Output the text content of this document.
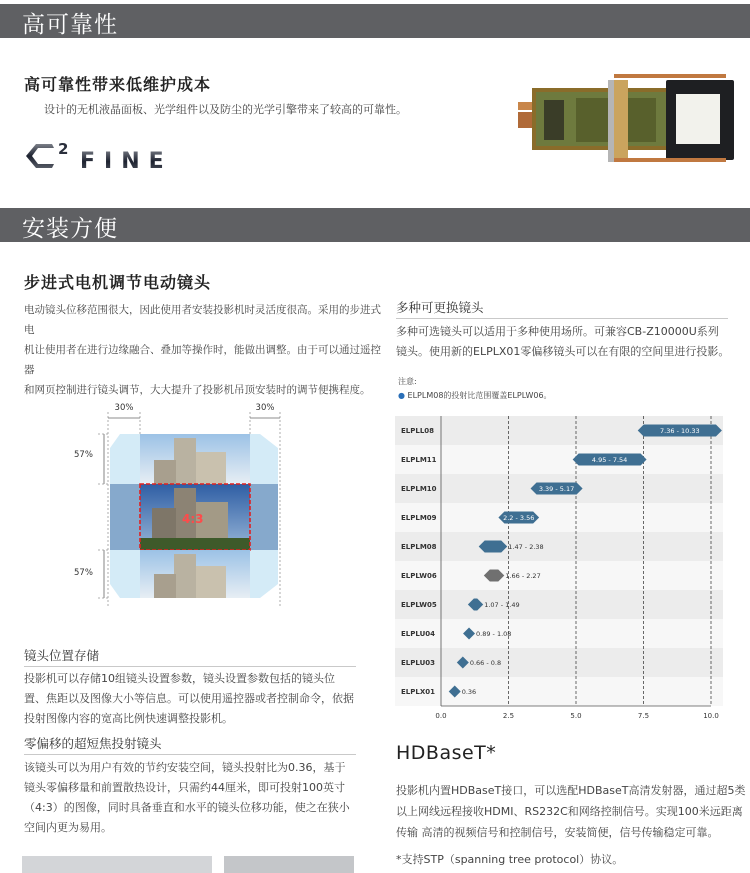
高可靠性
高可靠性带来低维护成本
设计的无机液晶面板、光学组件以及防尘的光学引擎带来了较高的可靠性。
2 FINE
安装方便
步进式电机调节电动镜头
电动镜头位移范围很大，因此使用者安装投影机时灵活度很高。采用的步进式电
机让使用者在进行边缘融合、叠加等操作时，能做出调整。由于可以通过遥控器
和网页控制进行镜头调节，大大提升了投影机吊顶安装时的调节便携程度。
30%	30%
57%
57%
4:3
镜头位置存储
投影机可以存储10组镜头设置参数，镜头设置参数包括的镜头位
置、焦距以及图像大小等信息。可以使用遥控器或者控制命令，依据
投射图像内容的宽高比例快速调整投影机。
零偏移的超短焦投射镜头
该镜头可以为用户有效的节约安装空间，镜头投射比为0.36，基于
镜头零偏移量和前置散热设计，只需约44厘米，即可投射100英寸
（4:3）的图像，同时具备垂直和水平的镜头位移功能，使之在狭小
空间内更为易用。
多种可更换镜头
多种可选镜头可以适用于多种使用场所。可兼容CB-Z10000U系列
镜头。使用新的ELPLX01零偏移镜头可以在有限的空间里进行投影。
注意:
● ELPLM08的投射比范围覆盖ELPLW06。
0.0	2.5	5.0	7.5	10.0
ELPLL08	7.36 - 10.33
ELPLM11	4.95 - 7.54
ELPLM10	3.39 - 5.17
ELPLM09	2.2 - 3.56
ELPLM08	1.47 - 2.38
ELPLW06	1.66 - 2.27
ELPLW05	1.07 - 1.49
ELPLU04	0.89 - 1.08
ELPLU03	0.66 - 0.8
ELPLX01	0.36
HDBaseT*
投影机内置HDBaseT接口，可以选配HDBaseT高清发射器，通过超5类
以上网线远程接收HDMI、RS232C和网络控制信号。实现100米远距离
传输 高清的视频信号和控制信号，安装简便，信号传输稳定可靠。
*支持STP（spanning tree protocol）协议。
